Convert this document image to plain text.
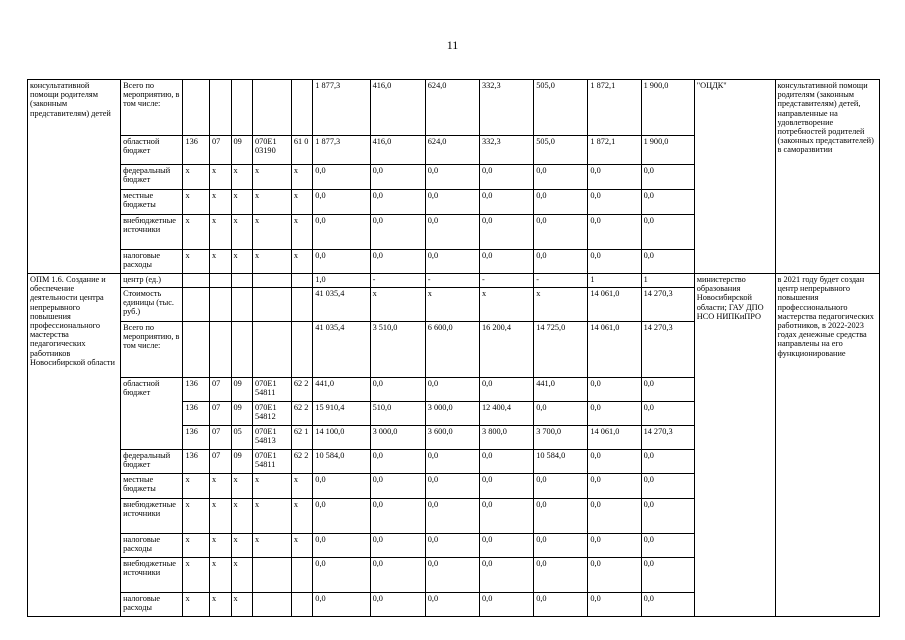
11
консультативной помощи родителям (законным представителям) детей	Всего по мероприятию, в том числе:						1 877,3	416,0	624,0	332,3	505,0	1 872,1	1 900,0	"ОЦДК"	консультативной помощи родителям (законным представителям) детей, направленные на удовлетворение потребностей родителей (законных представителей) в саморазвитии
	областной бюджет	136	07	09	070E1 03190	61 0	1 877,3	416,0	624,0	332,3	505,0	1 872,1	1 900,0		
	федеральный бюджет	x	x	x	x	x	0,0	0,0	0,0	0,0	0,0	0,0	0,0		
	местные бюджеты	x	x	x	x	x	0,0	0,0	0,0	0,0	0,0	0,0	0,0		
	внебюджетные источники	x	x	x	x	x	0,0	0,0	0,0	0,0	0,0	0,0	0,0		
	налоговые расходы	x	x	x	x	x	0,0	0,0	0,0	0,0	0,0	0,0	0,0		
ОПМ 1.6. Создание и обеспечение деятельности центра непрерывного повышения профессионального мастерства педагогических работников Новосибирской области	центр (ед.)						1,0	-	-	-	-	1	1	министерство образования Новосибирской области; ГАУ ДПО НСО НИПКиПРО	в 2021 году будет создан центр непрерывного повышения профессионального мастерства педагогических работников, в 2022-2023 годах денежные средства направлены на его функционирование
	Стоимость единицы (тыс. руб.)						41 035,4	x	x	x	x	14 061,0	14 270,3		
	Всего по мероприятию, в том числе:						41 035,4	3 510,0	6 600,0	16 200,4	14 725,0	14 061,0	14 270,3		
	областной бюджет	136	07	09	070E1 54811	62 2	441,0	0,0	0,0	0,0	441,0	0,0	0,0		
		136	07	09	070E1 54812	62 2	15 910,4	510,0	3 000,0	12 400,4	0,0	0,0	0,0		
		136	07	05	070E1 54813	62 1	14 100,0	3 000,0	3 600,0	3 800,0	3 700,0	14 061,0	14 270,3		
	федеральный бюджет	136	07	09	070E1 54811	62 2	10 584,0	0,0	0,0	0,0	10 584,0	0,0	0,0		
	местные бюджеты	x	x	x	x	x	0,0	0,0	0,0	0,0	0,0	0,0	0,0		
	внебюджетные источники	x	x	x	x	x	0,0	0,0	0,0	0,0	0,0	0,0	0,0		
	налоговые расходы	x	x	x	x	x	0,0	0,0	0,0	0,0	0,0	0,0	0,0		
	внебюджетные источники	x	x	x			0,0	0,0	0,0	0,0	0,0	0,0	0,0		
	налоговые расходы	x	x	x			0,0	0,0	0,0	0,0	0,0	0,0	0,0		
